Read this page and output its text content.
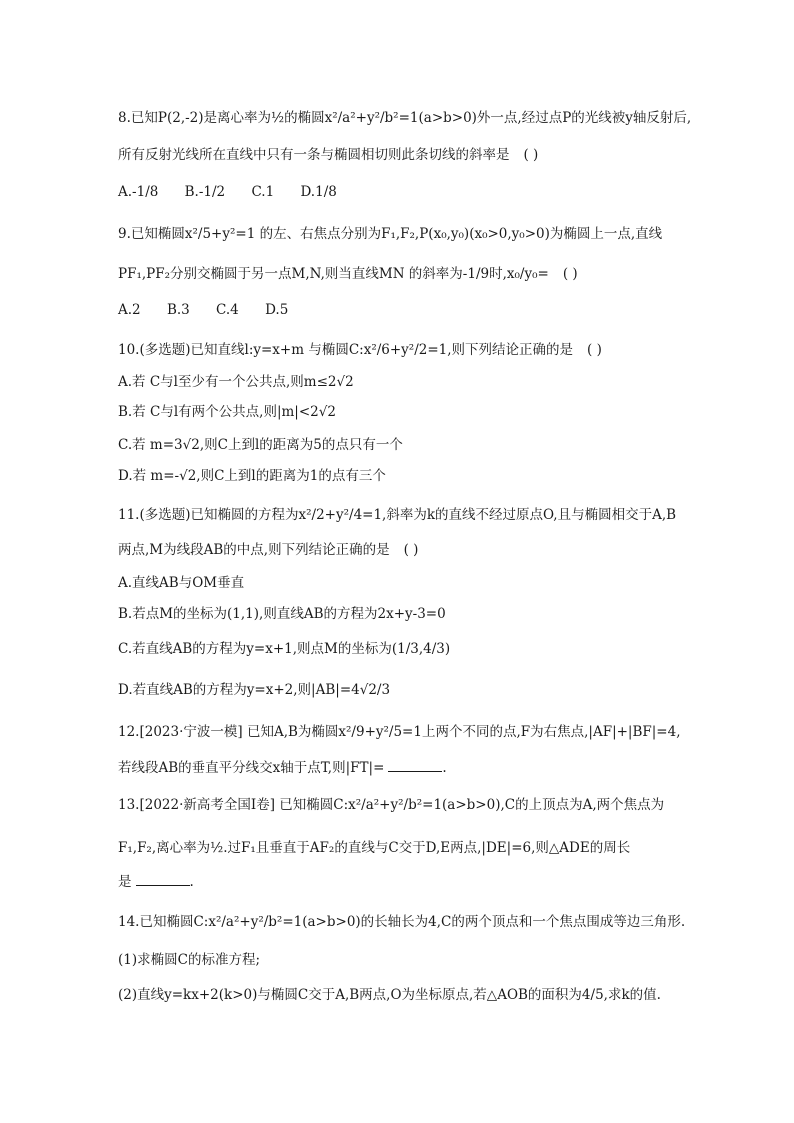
8.已知P(2,-2)是离心率为½的椭圆x²/a²+y²/b²=1(a>b>0)外一点,经过点P的光线被y轴反射后,
所有反射光线所在直线中只有一条与椭圆相切则此条切线的斜率是 ( )
A.-1/8 B.-1/2 C.1 D.1/8
9.已知椭圆x²/5+y²=1 的左、右焦点分别为F₁,F₂,P(x₀,y₀)(x₀>0,y₀>0)为椭圆上一点,直线
PF₁,PF₂分别交椭圆于另一点M,N,则当直线MN 的斜率为-1/9时,x₀/y₀= ( )
A.2 B.3 C.4 D.5
10.(多选题)已知直线l:y=x+m 与椭圆C:x²/6+y²/2=1,则下列结论正确的是 ( )
A.若 C与l至少有一个公共点,则m≤2√2
B.若 C与l有两个公共点,则|m|<2√2
C.若 m=3√2,则C上到l的距离为5的点只有一个
D.若 m=-√2,则C上到l的距离为1的点有三个
11.(多选题)已知椭圆的方程为x²/2+y²/4=1,斜率为k的直线不经过原点O,且与椭圆相交于A,B
两点,M为线段AB的中点,则下列结论正确的是 ( )
A.直线AB与OM垂直
B.若点M的坐标为(1,1),则直线AB的方程为2x+y-3=0
C.若直线AB的方程为y=x+1,则点M的坐标为(1/3,4/3)
D.若直线AB的方程为y=x+2,则|AB|=4√2/3
12.[2023·宁波一模] 已知A,B为椭圆x²/9+y²/5=1上两个不同的点,F为右焦点,|AF|+|BF|=4,
若线段AB的垂直平分线交x轴于点T,则|FT|=	.
13.[2022·新高考全国I卷] 已知椭圆C:x²/a²+y²/b²=1(a>b>0),C的上顶点为A,两个焦点为
F₁,F₂,离心率为½.过F₁且垂直于AF₂的直线与C交于D,E两点,|DE|=6,则△ADE的周长
是	.
14.已知椭圆C:x²/a²+y²/b²=1(a>b>0)的长轴长为4,C的两个顶点和一个焦点围成等边三角形.
(1)求椭圆C的标准方程;
(2)直线y=kx+2(k>0)与椭圆C交于A,B两点,O为坐标原点,若△AOB的面积为4/5,求k的值.
